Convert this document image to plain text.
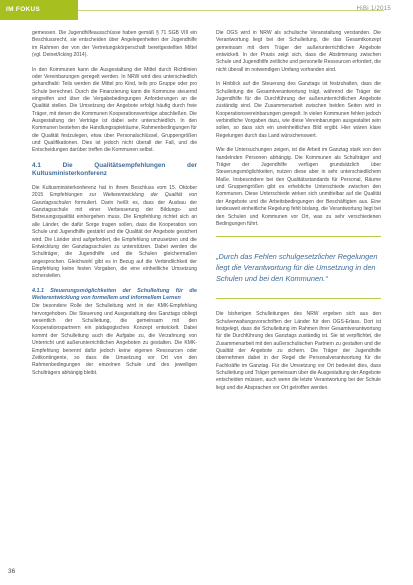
IM FOKUS	HiBi 1/2015

gemessen. Die Jugendhilfeausschüsse haben gemäß § 71 SGB VIII ein Beschlussrecht, sie entscheiden über Angelegenheiten der Jugendhilfe im Rahmen der von der Vertretungskörperschaft bereitgestellten Mittel (vgl. Deinet/Icking 2014).

In den Kommunen kann die Ausgestaltung der Mittel durch Richtlinien oder Vereinbarungen geregelt werden. In NRW wird dies unterschiedlich gehandhabt: Teils werden die Mittel pro Kind, teils pro Gruppe oder pro Schule berechnet. Durch die Finanzierung kann die Kommune steuernd eingreifen und über die Vergabebedingungen Anforderungen an die Qualität stellen. Die Umsetzung der Angebote erfolgt häufig durch freie Träger, mit denen die Kommunen Kooperationsverträge abschließen. Die Ausgestaltung der Verträge ist dabei sehr unterschiedlich. In den Kommunen bestehen die Handlungsspielräume, Rahmenbedingungen für die Qualität festzulegen, etwa über Personalschlüssel, Gruppengrößen und Qualifikationen. Dies ist jedoch nicht überall der Fall, und die Entscheidungen darüber treffen die Kommunen selbst.

4.1 Die Qualitätsempfehlungen der Kultusministerkonferenz

Die Kultusministerkonferenz hat in ihrem Beschluss vom 15. Oktober 2015 Empfehlungen zur Weiterentwicklung der Qualität von Ganztagsschulen formuliert. Darin heißt es, dass der Ausbau der Ganztagsschule mit einer Verbesserung der Bildungs- und Betreuungsqualität einhergehen muss. Die Empfehlung richtet sich an alle Länder, die dafür Sorge tragen sollen, dass die Kooperation von Schule und Jugendhilfe gestärkt und die Qualität der Angebote gesichert wird. Die Länder sind aufgefordert, die Empfehlung umzusetzen und die Entwicklung der Ganztagsschulen zu unterstützen. Dabei werden die Schulträger, die Jugendhilfe und die Schulen gleichermaßen angesprochen. Gleichwohl gibt es in Bezug auf die Verbindlichkeit der Empfehlung keine festen Vorgaben, die eine einheitliche Umsetzung sicherstellen.

4.1.1 Steuerungsmöglichkeiten der Schulleitung für die Weiterentwicklung von formellem und informellem Lernen

Die besondere Rolle der Schulleitung wird in der KMK-Empfehlung hervorgehoben. Die Steuerung und Ausgestaltung des Ganztags obliegt wesentlich der Schulleitung, die gemeinsam mit den Kooperationspartnern ein pädagogisches Konzept entwickelt. Dabei kommt der Schulleitung auch die Aufgabe zu, die Verzahnung von Unterricht und außerunterrichtlichen Angeboten zu gestalten. Die KMK-Empfehlung benennt dafür jedoch keine eigenen Ressourcen oder Zeitkontingente, so dass die Umsetzung vor Ort von den Rahmenbedingungen der einzelnen Schule und des jeweiligen Schulträgers abhängig bleibt.

Die OGS wird in NRW als schulische Veranstaltung verstanden. Die Verantwortung liegt bei der Schulleitung, die das Gesamtkonzept gemeinsam mit dem Träger der außerunterrichtlichen Angebote entwickelt. In der Praxis zeigt sich, dass die Abstimmung zwischen Schule und Jugendhilfe zeitliche und personelle Ressourcen erfordert, die nicht überall im notwendigen Umfang vorhanden sind.

In Hinblick auf die Steuerung des Ganztags ist festzuhalten, dass die Schulleitung die Gesamtverantwortung trägt, während die Träger der Jugendhilfe für die Durchführung der außerunterrichtlichen Angebote zuständig sind. Die Zusammenarbeit zwischen beiden Seiten wird in Kooperationsvereinbarungen geregelt. In vielen Kommunen fehlen jedoch verbindliche Vorgaben dazu, wie diese Vereinbarungen ausgestaltet sein sollen, so dass sich ein uneinheitliches Bild ergibt. Hier wären klare Regelungen durch das Land wünschenswert.

Wie die Untersuchungen zeigen, ist die Arbeit im Ganztag stark von den handelnden Personen abhängig. Die Kommunen als Schulträger und Träger der Jugendhilfe verfügen grundsätzlich über Steuerungsmöglichkeiten, nutzen diese aber in sehr unterschiedlichem Maße. Insbesondere bei den Qualitätsstandards für Personal, Räume und Gruppengrößen gibt es erhebliche Unterschiede zwischen den Kommunen. Diese Unterschiede wirken sich unmittelbar auf die Qualität der Angebote und die Arbeitsbedingungen der Beschäftigten aus. Eine landesweit einheitliche Regelung fehlt bislang, die Verantwortung liegt bei den Schulen und Kommunen vor Ort, was zu sehr verschiedenen Bedingungen führt.

„Durch das Fehlen schulgesetzlicher Regelungen liegt die Verantwortung für die Umsetzung in den Schulen und bei den Kommunen.“

Die bisherigen Schulleitungen des NRW ergeben sich aus den Schulverwaltungsvorschriften der Länder für den OGS-Erlass. Dort ist festgelegt, dass die Schulleitung im Rahmen ihrer Gesamtverantwortung für die Durchführung des Ganztags zuständig ist. Sie ist verpflichtet, die Zusammenarbeit mit den außerschulischen Partnern zu gestalten und die Qualität der Angebote zu sichern. Die Träger der Jugendhilfe übernehmen dabei in der Regel die Personalverantwortung für die Fachkräfte im Ganztag. Für die Umsetzung vor Ort bedeutet dies, dass Schulleitung und Träger gemeinsam über die Ausgestaltung der Angebote entscheiden müssen, auch wenn die letzte Verantwortung bei der Schule liegt und die Absprachen vor Ort getroffen werden.

36
